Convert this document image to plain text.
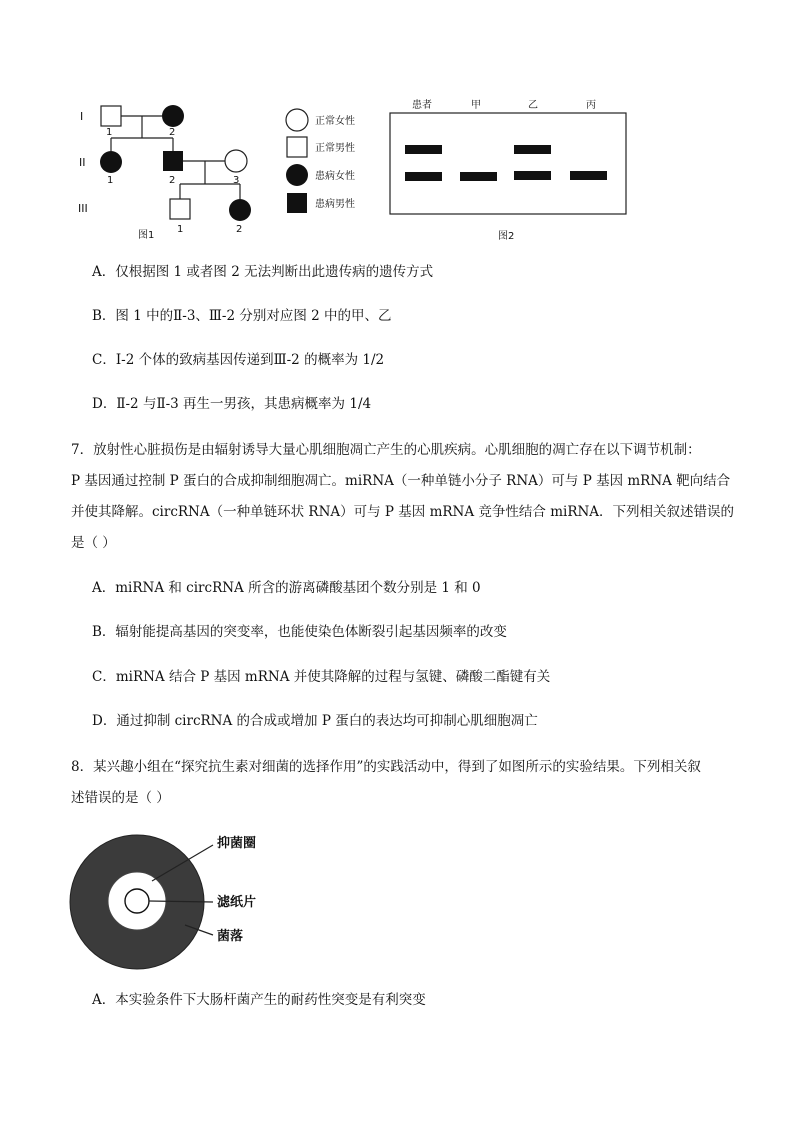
I
II
III
1	2
1	2	3
1	2
图1
正常女性
正常男性
患病女性
患病男性
患者	甲	乙	丙
图2
抑菌圈
滤纸片
菌落
A．仅根据图 1 或者图 2 无法判断出此遗传病的遗传方式
B．图 1 中的Ⅱ-3、Ⅲ-2 分别对应图 2 中的甲、乙
C．Ⅰ-2 个体的致病基因传递到Ⅲ-2 的概率为 1/2
D．Ⅱ-2 与Ⅱ-3 再生一男孩，其患病概率为 1/4
7．放射性心脏损伤是由辐射诱导大量心肌细胞凋亡产生的心肌疾病。心肌细胞的凋亡存在以下调节机制：
P 基因通过控制 P 蛋白的合成抑制细胞凋亡。miRNA（一种单链小分子 RNA）可与 P 基因 mRNA 靶向结合
并使其降解。circRNA（一种单链环状 RNA）可与 P 基因 mRNA 竞争性结合 miRNA．下列相关叙述错误的
是（ ）
A．miRNA 和 circRNA 所含的游离磷酸基团个数分别是 1 和 0
B．辐射能提高基因的突变率，也能使染色体断裂引起基因频率的改变
C．miRNA 结合 P 基因 mRNA 并使其降解的过程与氢键、磷酸二酯键有关
D．通过抑制 circRNA 的合成或增加 P 蛋白的表达均可抑制心肌细胞凋亡
8．某兴趣小组在“探究抗生素对细菌的选择作用”的实践活动中，得到了如图所示的实验结果。下列相关叙
述错误的是（ ）
A．本实验条件下大肠杆菌产生的耐药性突变是有利突变
